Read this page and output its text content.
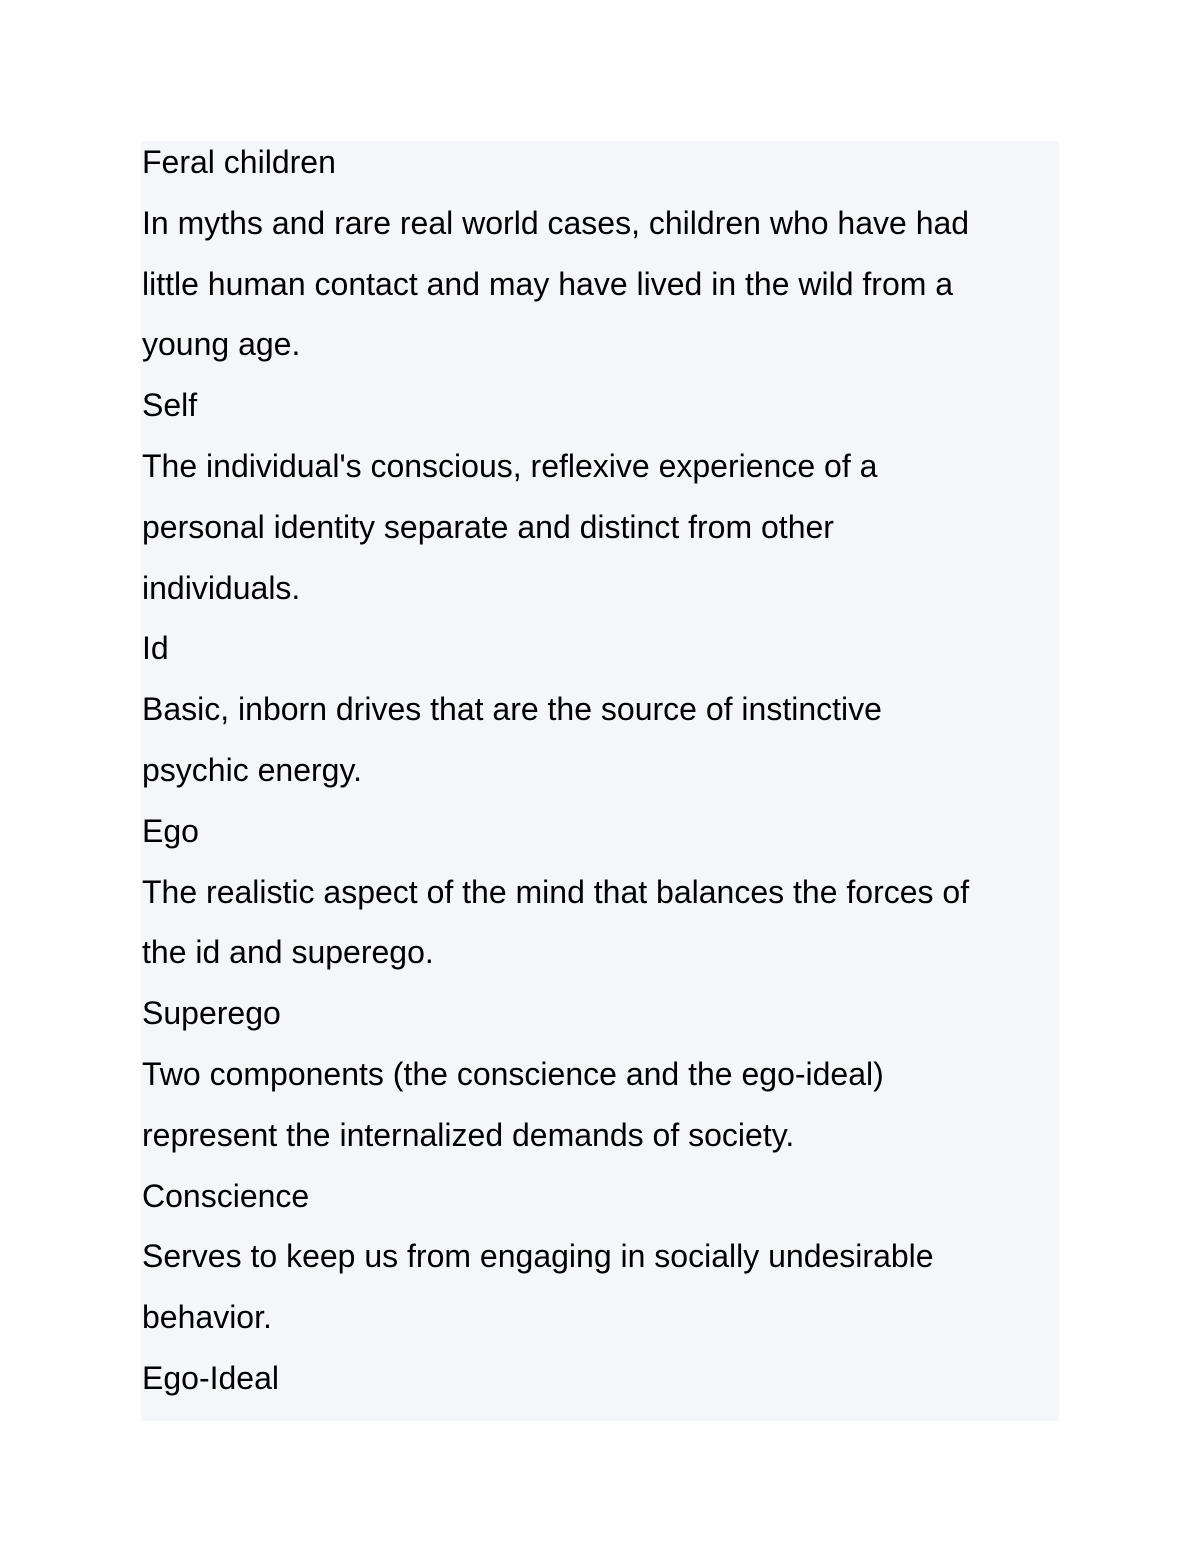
Feral children
In myths and rare real world cases, children who have had
little human contact and may have lived in the wild from a
young age.
Self
The individual's conscious, reflexive experience of a
personal identity separate and distinct from other
individuals.
Id
Basic, inborn drives that are the source of instinctive
psychic energy.
Ego
The realistic aspect of the mind that balances the forces of
the id and superego.
Superego
Two components (the conscience and the ego-ideal)
represent the internalized demands of society.
Conscience
Serves to keep us from engaging in socially undesirable
behavior.
Ego-Ideal
